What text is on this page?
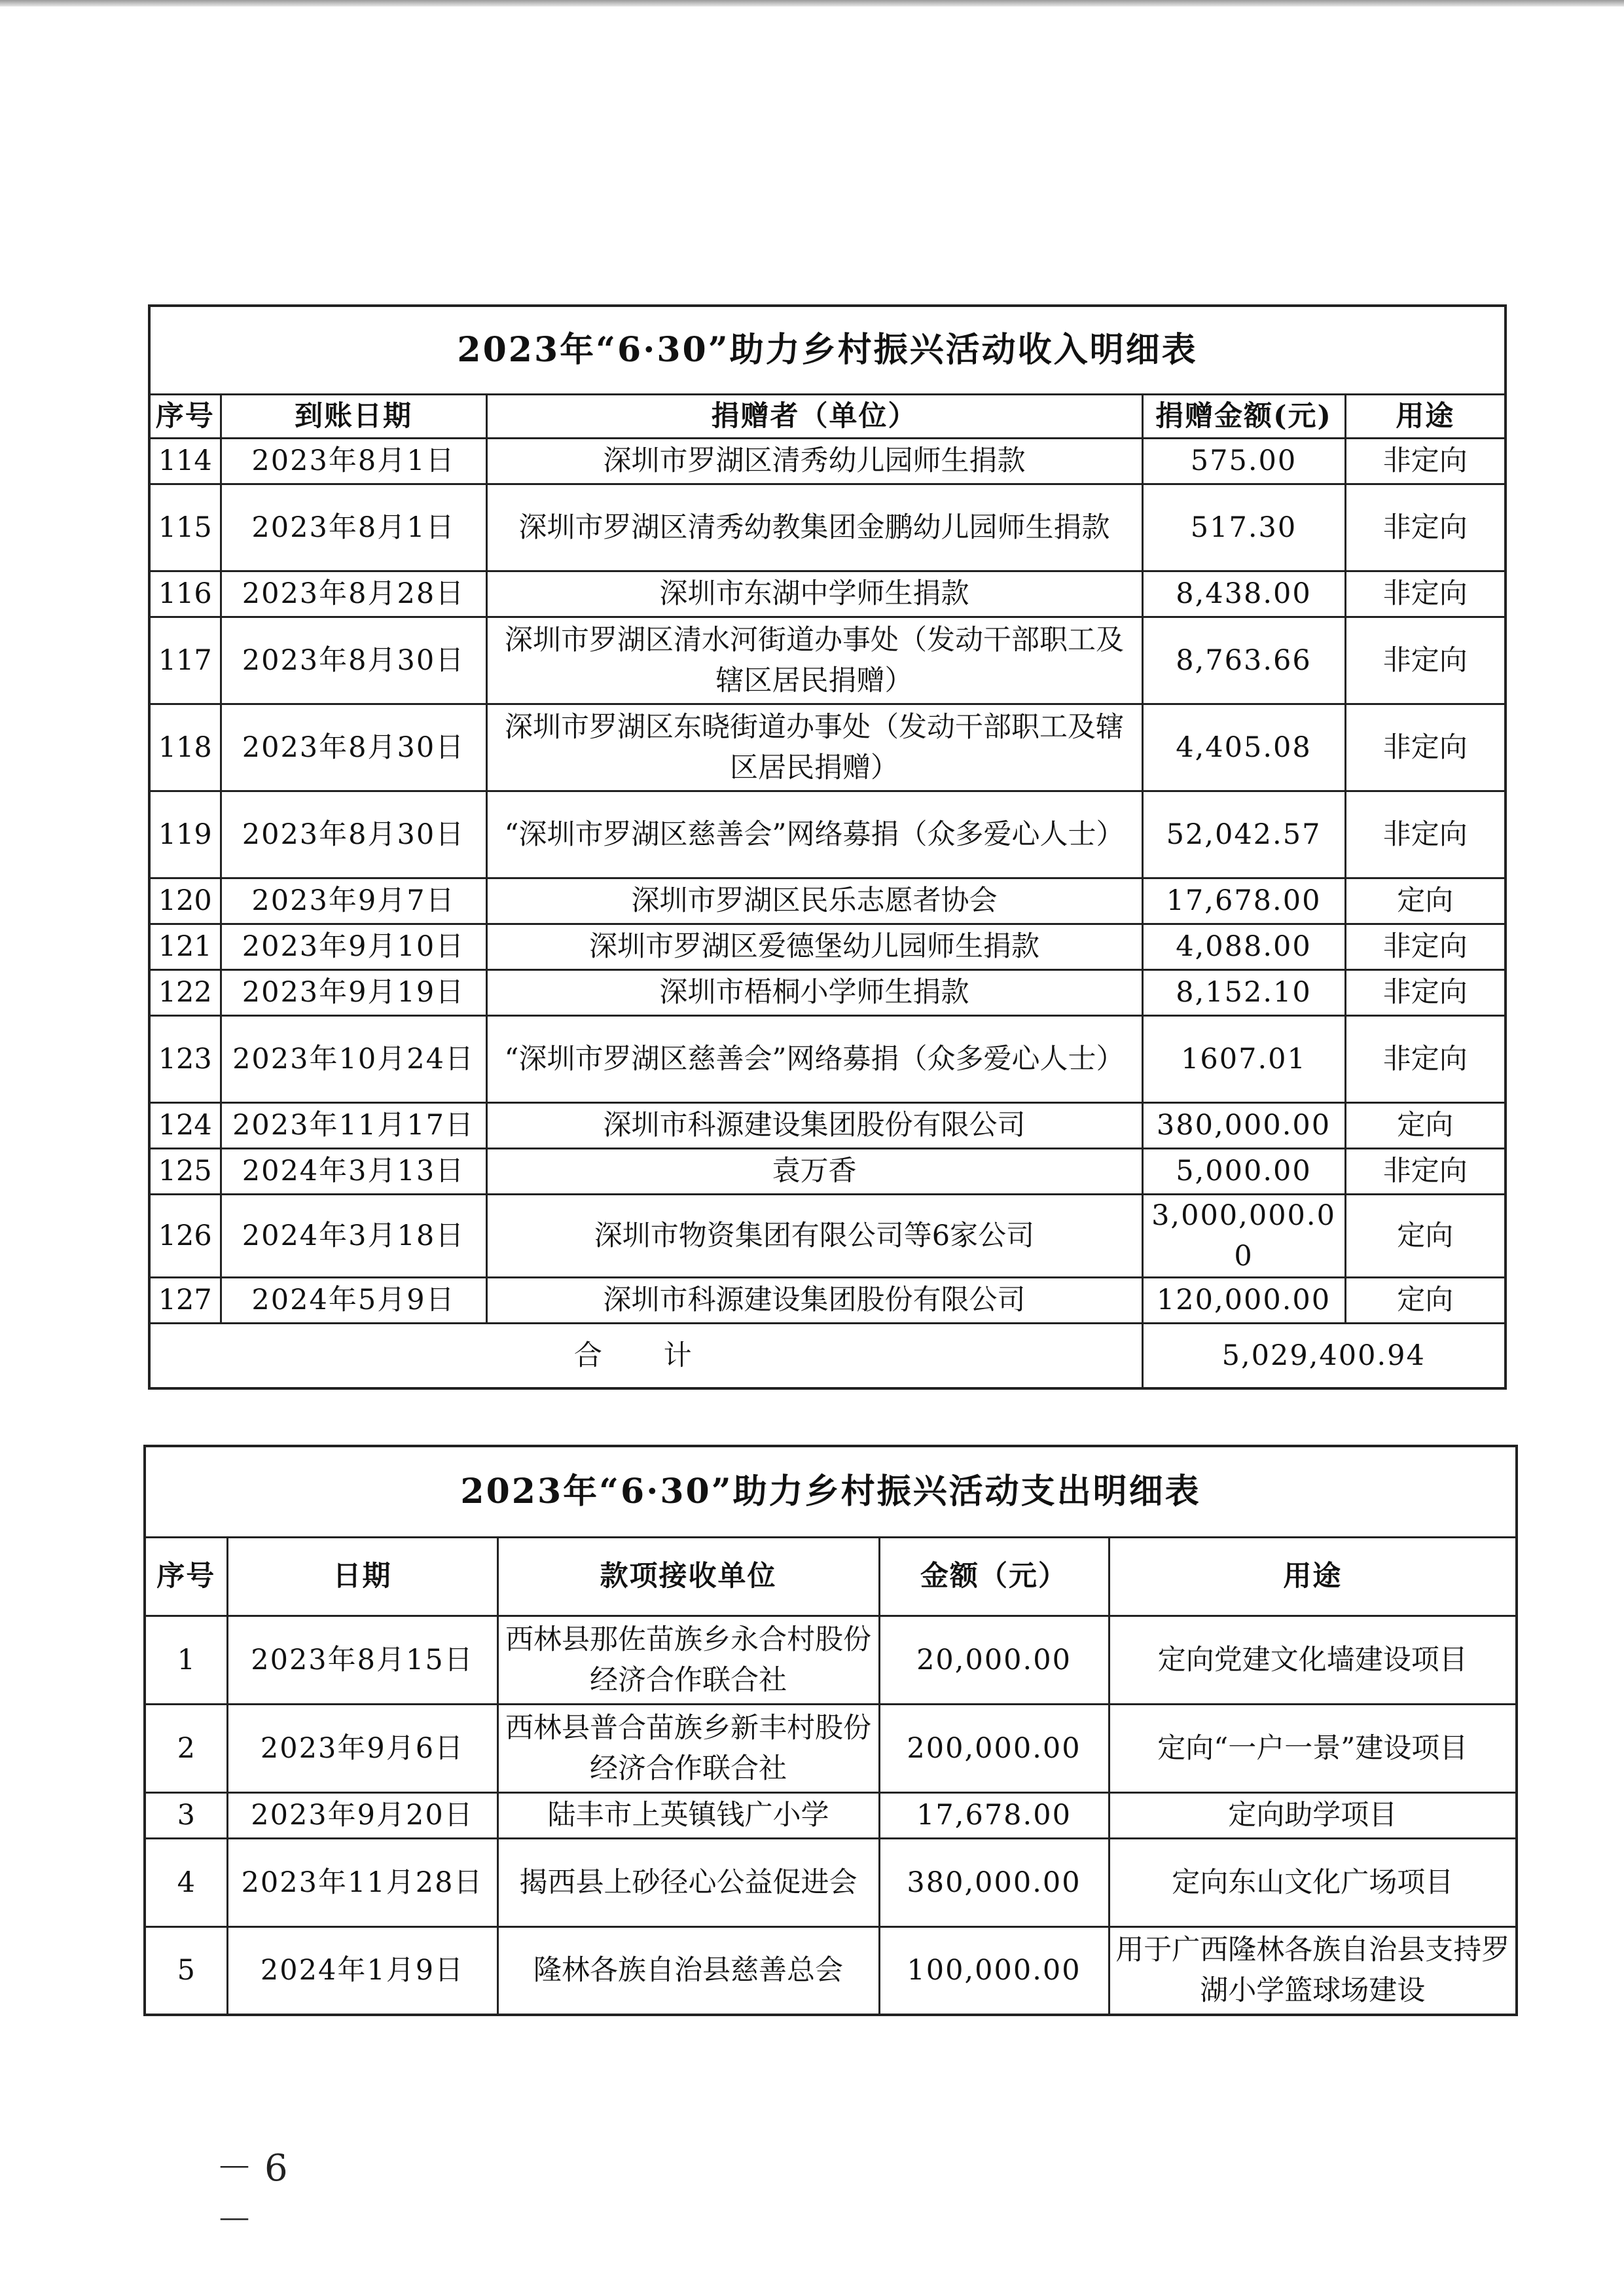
2023年“6·30”助力乡村振兴活动收入明细表				
序号	到账日期	捐赠者（单位）	捐赠金额(元)	用途
114	2023年8月1日	深圳市罗湖区清秀幼儿园师生捐款	575.00	非定向
115	2023年8月1日	深圳市罗湖区清秀幼教集团金鹏幼儿园师生捐款	517.30	非定向
116	2023年8月28日	深圳市东湖中学师生捐款	8,438.00	非定向
117	2023年8月30日	深圳市罗湖区清水河街道办事处（发动干部职工及辖区居民捐赠）	8,763.66	非定向
118	2023年8月30日	深圳市罗湖区东晓街道办事处（发动干部职工及辖区居民捐赠）	4,405.08	非定向
119	2023年8月30日	“深圳市罗湖区慈善会”网络募捐（众多爱心人士）	52,042.57	非定向
120	2023年9月7日	深圳市罗湖区民乐志愿者协会	17,678.00	定向
121	2023年9月10日	深圳市罗湖区爱德堡幼儿园师生捐款	4,088.00	非定向
122	2023年9月19日	深圳市梧桐小学师生捐款	8,152.10	非定向
123	2023年10月24日	“深圳市罗湖区慈善会”网络募捐（众多爱心人士）	1607.01	非定向
124	2023年11月17日	深圳市科源建设集团股份有限公司	380,000.00	定向
125	2024年3月13日	袁万香	5,000.00	非定向
126	2024年3月18日	深圳市物资集团有限公司等6家公司	3,000,000.00	定向
127	2024年5月9日	深圳市科源建设集团股份有限公司	120,000.00	定向
合 计			5,029,400.94	
2023年“6·30”助力乡村振兴活动支出明细表				
序号	日期	款项接收单位	金额（元）	用途
1	2023年8月15日	西林县那佐苗族乡永合村股份经济合作联合社	20,000.00	定向党建文化墙建设项目
2	2023年9月6日	西林县普合苗族乡新丰村股份经济合作联合社	200,000.00	定向“一户一景”建设项目
3	2023年9月20日	陆丰市上英镇钱广小学	17,678.00	定向助学项目
4	2023年11月28日	揭西县上砂径心公益促进会	380,000.00	定向东山文化广场项目
5	2024年1月9日	隆林各族自治县慈善总会	100,000.00	用于广西隆林各族自治县支持罗湖小学篮球场建设
－6－
